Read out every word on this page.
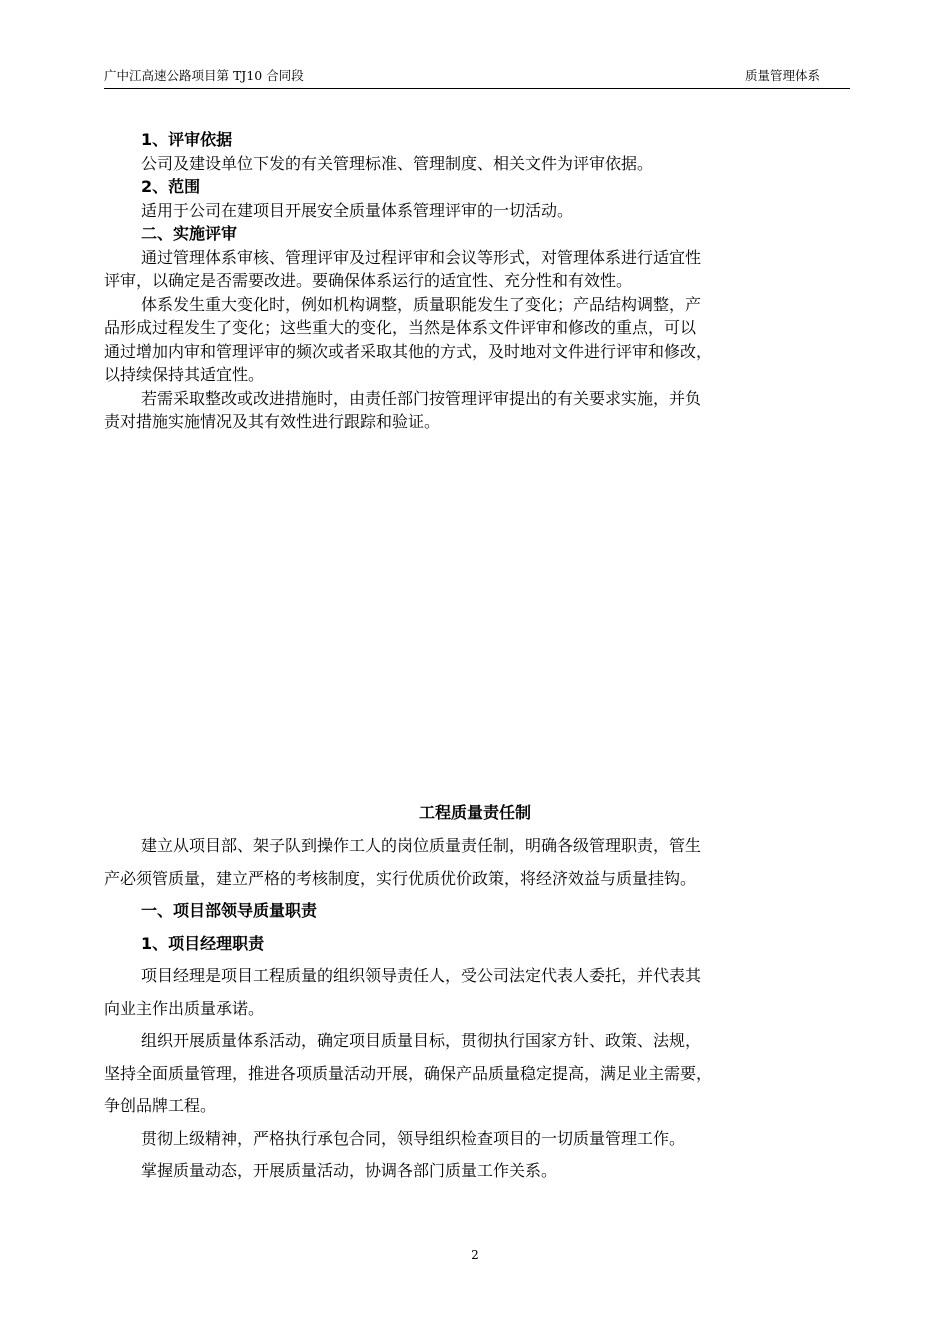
广中江高速公路项目第 TJ10 合同段	质量管理体系

1、评审依据

公司及建设单位下发的有关管理标准、管理制度、相关文件为评审依据。

2、范围

适用于公司在建项目开展安全质量体系管理评审的一切活动。

二、实施评审

通过管理体系审核、管理评审及过程评审和会议等形式，对管理体系进行适宜性

评审，以确定是否需要改进。要确保体系运行的适宜性、充分性和有效性。

体系发生重大变化时，例如机构调整，质量职能发生了变化；产品结构调整，产

品形成过程发生了变化；这些重大的变化，当然是体系文件评审和修改的重点，可以

通过增加内审和管理评审的频次或者采取其他的方式，及时地对文件进行评审和修改，

以持续保持其适宜性。

若需采取整改或改进措施时，由责任部门按管理评审提出的有关要求实施，并负

责对措施实施情况及其有效性进行跟踪和验证。

工程质量责任制

建立从项目部、架子队到操作工人的岗位质量责任制，明确各级管理职责，管生

产必须管质量，建立严格的考核制度，实行优质优价政策，将经济效益与质量挂钩。

一、项目部领导质量职责

1、项目经理职责

项目经理是项目工程质量的组织领导责任人，受公司法定代表人委托，并代表其

向业主作出质量承诺。

组织开展质量体系活动，确定项目质量目标，贯彻执行国家方针、政策、法规，

坚持全面质量管理，推进各项质量活动开展，确保产品质量稳定提高，满足业主需要，

争创品牌工程。

贯彻上级精神，严格执行承包合同，领导组织检查项目的一切质量管理工作。

掌握质量动态，开展质量活动，协调各部门质量工作关系。

2
